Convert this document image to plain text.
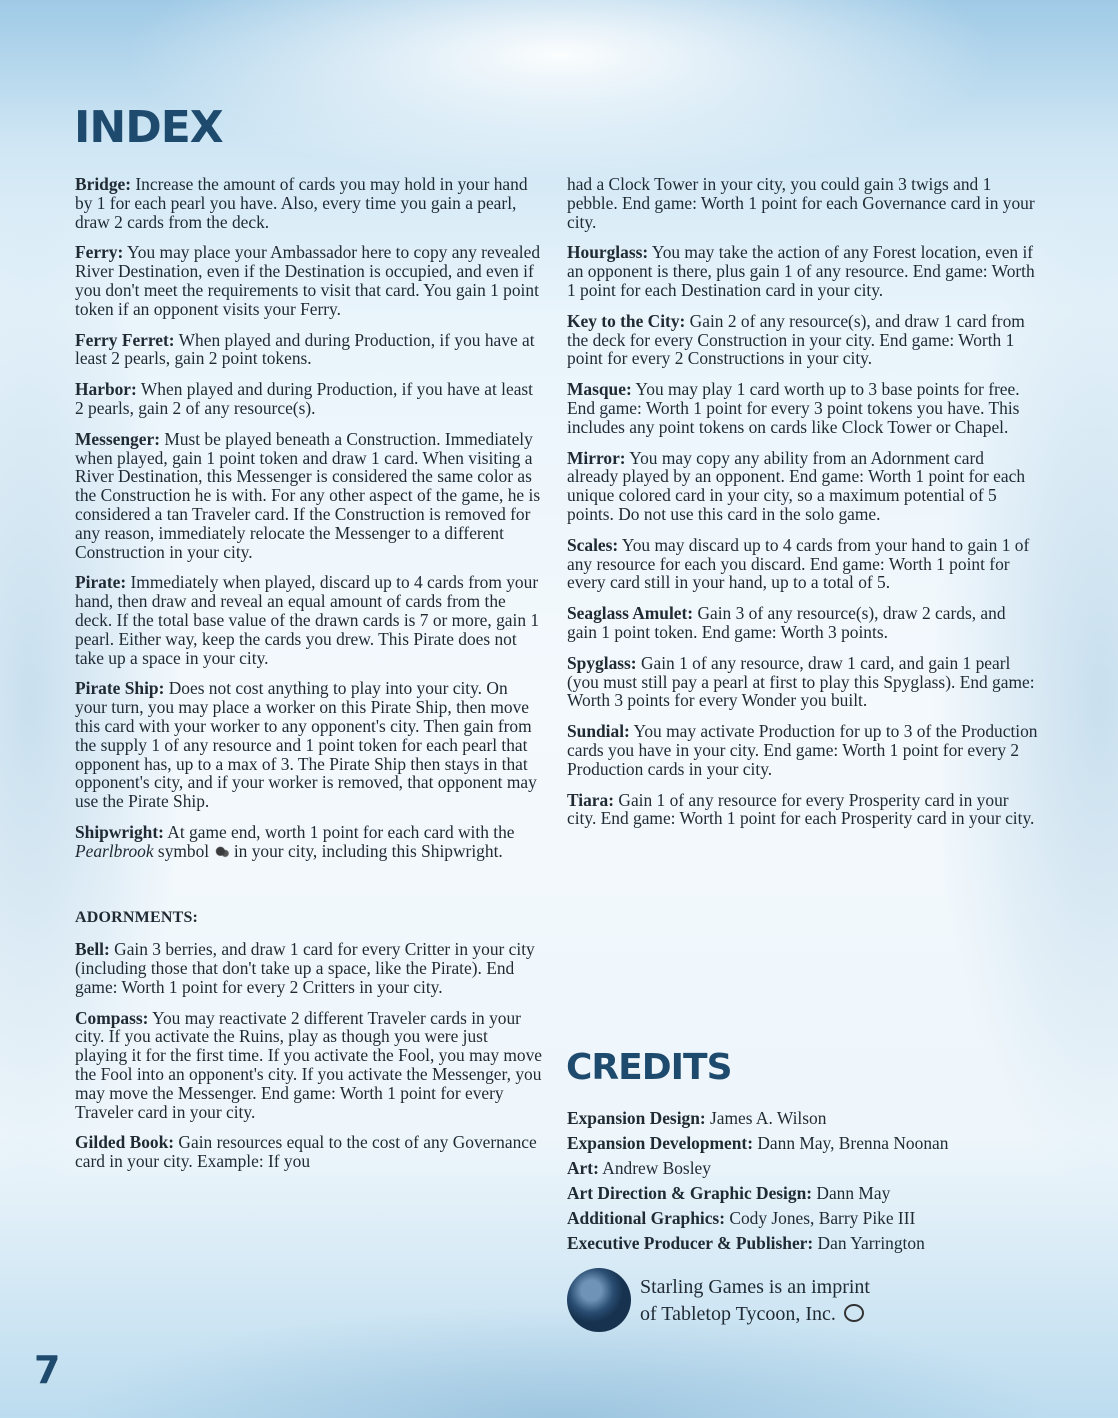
INDEX

Bridge: Increase the amount of cards you may hold in your hand by 1 for each pearl you have. Also, every time you gain a pearl, draw 2 cards from the deck.

Ferry: You may place your Ambassador here to copy any revealed River Destination, even if the Destination is occupied, and even if you don't meet the requirements to visit that card. You gain 1 point token if an opponent visits your Ferry.

Ferry Ferret: When played and during Production, if you have at least 2 pearls, gain 2 point tokens.

Harbor: When played and during Production, if you have at least 2 pearls, gain 2 of any resource(s).

Messenger: Must be played beneath a Construction. Immediately when played, gain 1 point token and draw 1 card. When visiting a River Destination, this Messenger is considered the same color as the Construction he is with. For any other aspect of the game, he is considered a tan Traveler card. If the Construction is removed for any reason, immediately relocate the Messenger to a different Construction in your city.

Pirate: Immediately when played, discard up to 4 cards from your hand, then draw and reveal an equal amount of cards from the deck. If the total base value of the drawn cards is 7 or more, gain 1 pearl. Either way, keep the cards you drew. This Pirate does not take up a space in your city.

Pirate Ship: Does not cost anything to play into your city. On your turn, you may place a worker on this Pirate Ship, then move this card with your worker to any opponent's city. Then gain from the supply 1 of any resource and 1 point token for each pearl that opponent has, up to a max of 3. The Pirate Ship then stays in that opponent's city, and if your worker is removed, that opponent may use the Pirate Ship.

Shipwright: At game end, worth 1 point for each card with the Pearlbrook symbol  in your city, including this Shipwright.

ADORNMENTS:

Bell: Gain 3 berries, and draw 1 card for every Critter in your city (including those that don't take up a space, like the Pirate). End game: Worth 1 point for every 2 Critters in your city.

Compass: You may reactivate 2 different Traveler cards in your city. If you activate the Ruins, play as though you were just playing it for the first time. If you activate the Fool, you may move the Fool into an opponent's city. If you activate the Messenger, you may move the Messenger. End game: Worth 1 point for every Traveler card in your city.

Gilded Book: Gain resources equal to the cost of any Governance card in your city. Example: If you

had a Clock Tower in your city, you could gain 3 twigs and 1 pebble. End game: Worth 1 point for each Governance card in your city.

Hourglass: You may take the action of any Forest location, even if an opponent is there, plus gain 1 of any resource. End game: Worth 1 point for each Destination card in your city.

Key to the City: Gain 2 of any resource(s), and draw 1 card from the deck for every Construction in your city. End game: Worth 1 point for every 2 Constructions in your city.

Masque: You may play 1 card worth up to 3 base points for free. End game: Worth 1 point for every 3 point tokens you have. This includes any point tokens on cards like Clock Tower or Chapel.

Mirror: You may copy any ability from an Adornment card already played by an opponent. End game: Worth 1 point for each unique colored card in your city, so a maximum potential of 5 points. Do not use this card in the solo game.

Scales: You may discard up to 4 cards from your hand to gain 1 of any resource for each you discard. End game: Worth 1 point for every card still in your hand, up to a total of 5.

Seaglass Amulet: Gain 3 of any resource(s), draw 2 cards, and gain 1 point token. End game: Worth 3 points.

Spyglass: Gain 1 of any resource, draw 1 card, and gain 1 pearl (you must still pay a pearl at first to play this Spyglass). End game: Worth 3 points for every Wonder you built.

Sundial: You may activate Production for up to 3 of the Production cards you have in your city. End game: Worth 1 point for every 2 Production cards in your city.

Tiara: Gain 1 of any resource for every Prosperity card in your city. End game: Worth 1 point for each Prosperity card in your city.

CREDITS
Expansion Design: James A. Wilson
Expansion Development: Dann May, Brenna Noonan
Art: Andrew Bosley
Art Direction & Graphic Design: Dann May
Additional Graphics: Cody Jones, Barry Pike III
Executive Producer & Publisher: Dan Yarrington
Starling Games is an imprint
of Tabletop Tycoon, Inc.

7
